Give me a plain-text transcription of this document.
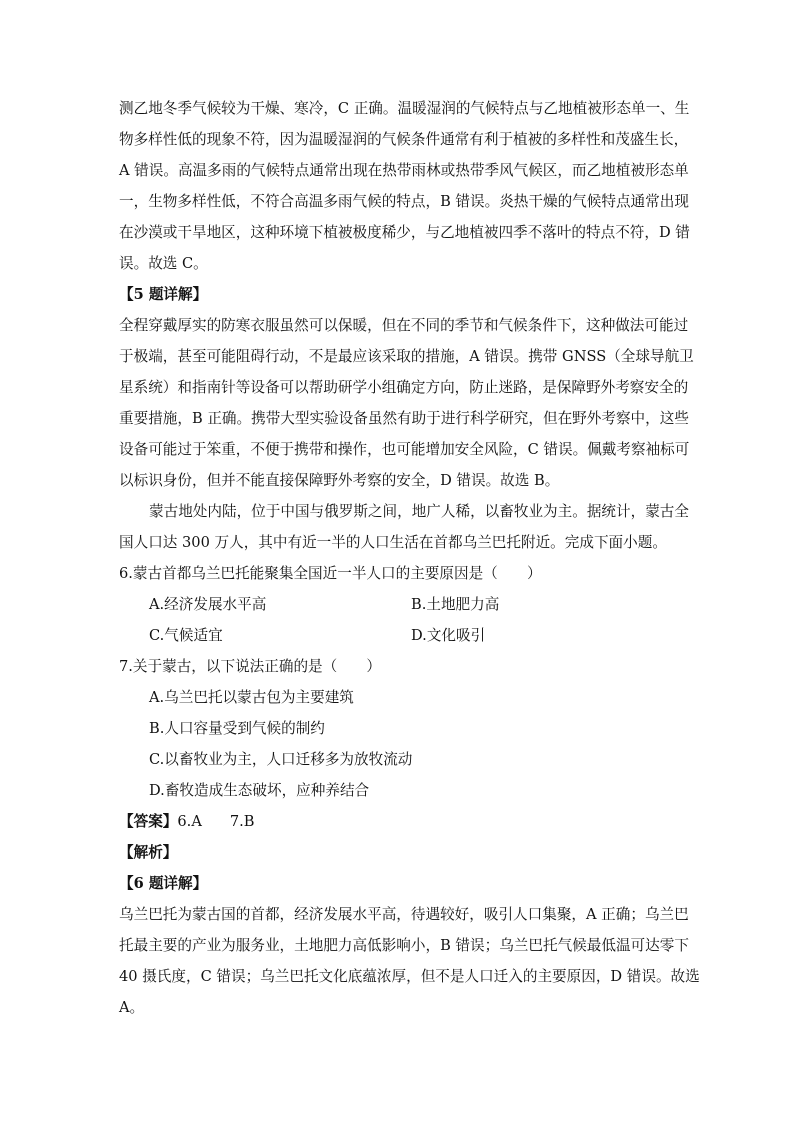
测乙地冬季气候较为干燥、寒冷，C 正确。温暖湿润的气候特点与乙地植被形态单一、生
物多样性低的现象不符，因为温暖湿润的气候条件通常有利于植被的多样性和茂盛生长，
A 错误。高温多雨的气候特点通常出现在热带雨林或热带季风气候区，而乙地植被形态单
一，生物多样性低，不符合高温多雨气候的特点，B 错误。炎热干燥的气候特点通常出现
在沙漠或干旱地区，这种环境下植被极度稀少，与乙地植被四季不落叶的特点不符，D 错
误。故选 C。
【5 题详解】
全程穿戴厚实的防寒衣服虽然可以保暖，但在不同的季节和气候条件下，这种做法可能过
于极端，甚至可能阻碍行动，不是最应该采取的措施，A 错误。携带 GNSS（全球导航卫
星系统）和指南针等设备可以帮助研学小组确定方向，防止迷路，是保障野外考察安全的
重要措施，B 正确。携带大型实验设备虽然有助于进行科学研究，但在野外考察中，这些
设备可能过于笨重，不便于携带和操作，也可能增加安全风险，C 错误。佩戴考察袖标可
以标识身份，但并不能直接保障野外考察的安全，D 错误。故选 B。
蒙古地处内陆，位于中国与俄罗斯之间，地广人稀，以畜牧业为主。据统计，蒙古全
国人口达 300 万人，其中有近一半的人口生活在首都乌兰巴托附近。完成下面小题。
6.蒙古首都乌兰巴托能聚集全国近一半人口的主要原因是（　　）
A.经济发展水平高	B.土地肥力高
C.气候适宜	D.文化吸引
7.关于蒙古，以下说法正确的是（　　）
A.乌兰巴托以蒙古包为主要建筑
B.人口容量受到气候的制约
C.以畜牧业为主，人口迁移多为放牧流动
D.畜牧造成生态破坏，应种养结合
【答案】6.A 7.B
【解析】
【6 题详解】
乌兰巴托为蒙古国的首都，经济发展水平高，待遇较好，吸引人口集聚，A 正确；乌兰巴
托最主要的产业为服务业，土地肥力高低影响小，B 错误；乌兰巴托气候最低温可达零下
40 摄氏度，C 错误；乌兰巴托文化底蕴浓厚，但不是人口迁入的主要原因，D 错误。故选
A。
